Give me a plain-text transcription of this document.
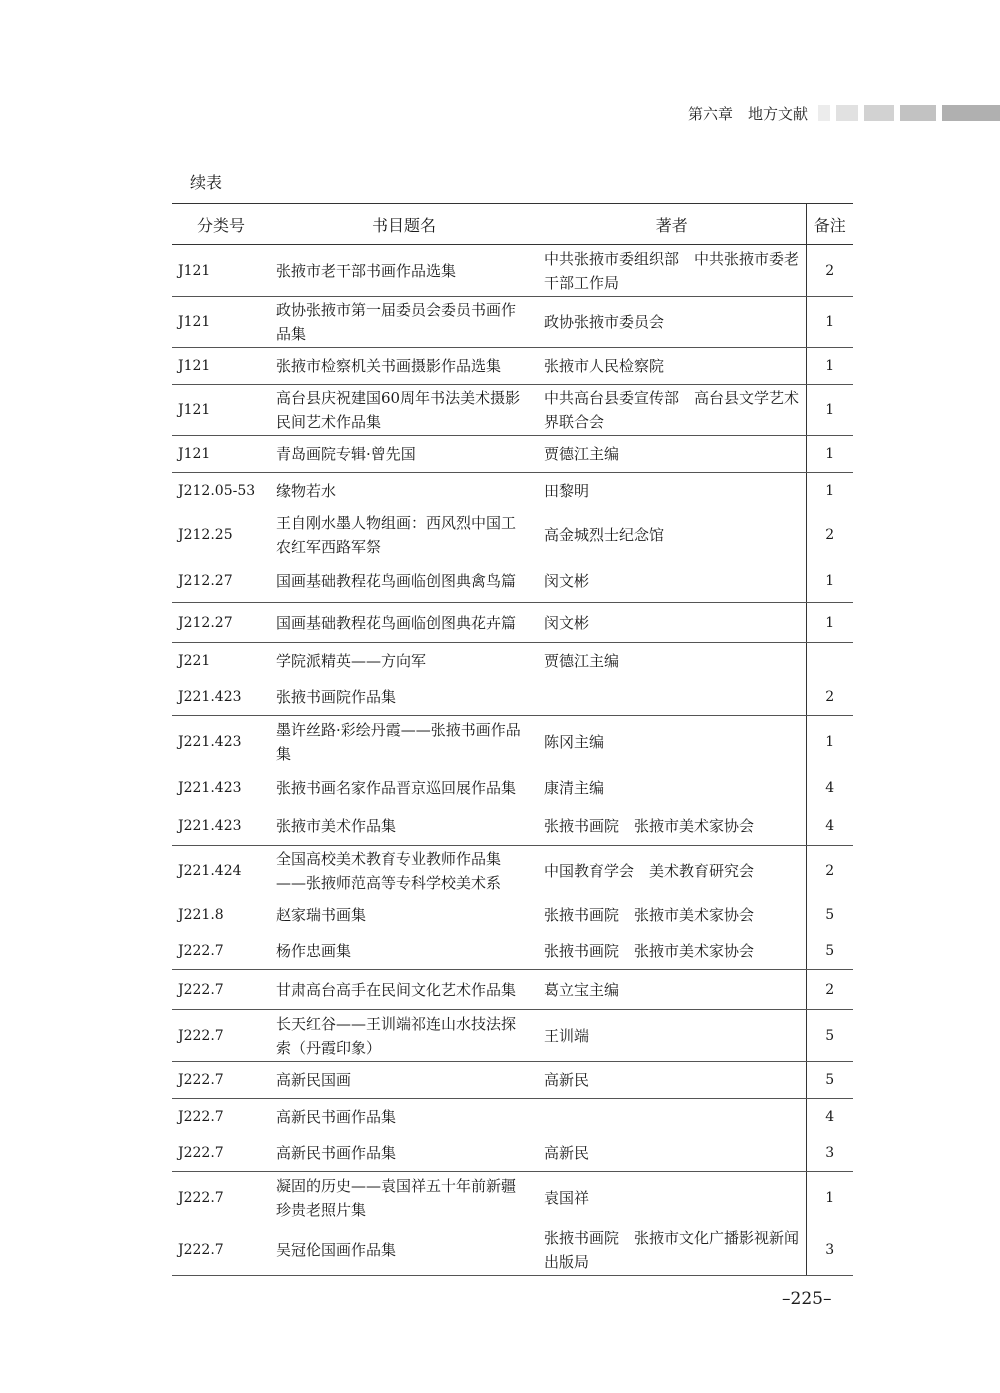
第六章　地方文献
续表
分类号	书目题名	著者	备注
J121	张掖市老干部书画作品选集	中共张掖市委组织部　中共张掖市委老干部工作局	2
J121	政协张掖市第一届委员会委员书画作品集	政协张掖市委员会	1
J121	张掖市检察机关书画摄影作品选集	张掖市人民检察院	1
J121	高台县庆祝建国60周年书法美术摄影民间艺术作品集	中共高台县委宣传部　高台县文学艺术界联合会	1
J121	青岛画院专辑·曾先国	贾德江主编	1
J212.05-53	缘物若水	田黎明	1
J212.25	王自刚水墨人物组画：西风烈中国工农红军西路军祭	高金城烈士纪念馆	2
J212.27	国画基础教程花鸟画临创图典禽鸟篇	闵文彬	1
J212.27	国画基础教程花鸟画临创图典花卉篇	闵文彬	1
J221	学院派精英——方向军	贾德江主编	
J221.423	张掖书画院作品集		2
J221.423	墨许丝路·彩绘丹霞——张掖书画作品集	陈冈主编	1
J221.423	张掖书画名家作品晋京巡回展作品集	康清主编	4
J221.423	张掖市美术作品集	张掖书画院　张掖市美术家协会	4
J221.424	全国高校美术教育专业教师作品集——张掖师范高等专科学校美术系	中国教育学会　美术教育研究会	2
J221.8	赵家瑞书画集	张掖书画院　张掖市美术家协会	5
J222.7	杨作忠画集	张掖书画院　张掖市美术家协会	5
J222.7	甘肃高台高手在民间文化艺术作品集	葛立宝主编	2
J222.7	长天红谷——王训端祁连山水技法探索（丹霞印象）	王训端	5
J222.7	高新民国画	高新民	5
J222.7	高新民书画作品集		4
J222.7	高新民书画作品集	高新民	3
J222.7	凝固的历史——袁国祥五十年前新疆珍贵老照片集	袁国祥	1
J222.7	吴冠伦国画作品集	张掖书画院　张掖市文化广播影视新闻出版局	3
–225–
